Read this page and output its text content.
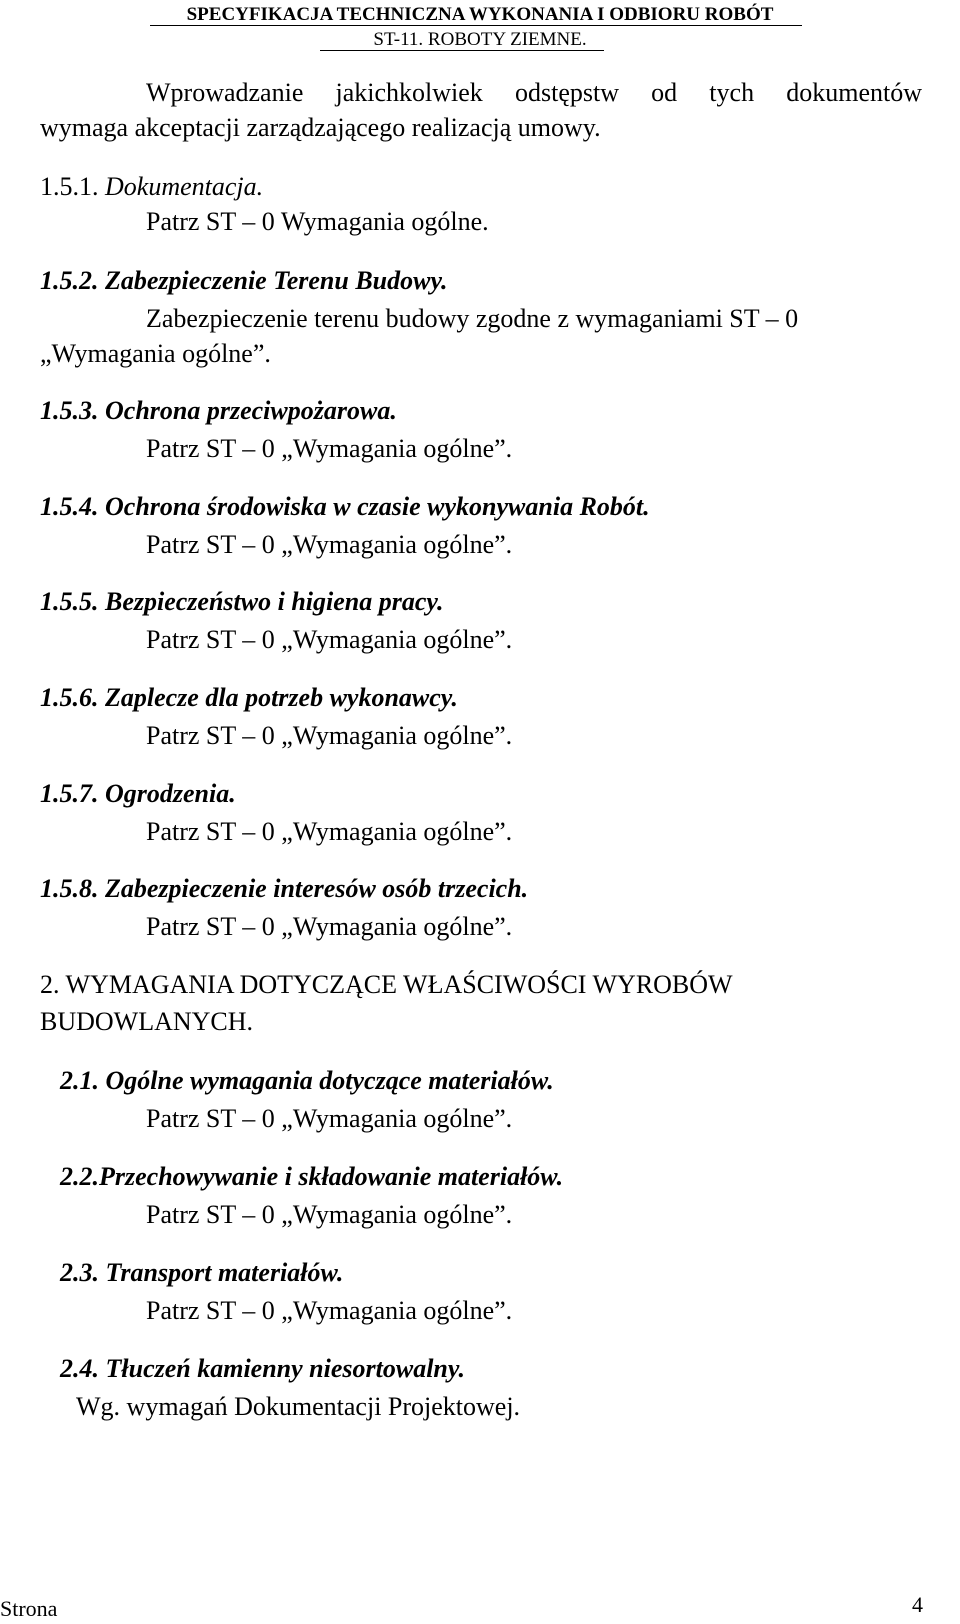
SPECYFIKACJA TECHNICZNA WYKONANIA I ODBIORU ROBÓT
ST-11. ROBOTY ZIEMNE.
Wprowadzanie jakichkolwiek odstępstw od tych dokumentów
wymaga akceptacji zarządzającego realizacją umowy.
1.5.1. Dokumentacja.
Patrz ST – 0 Wymagania ogólne.
1.5.2. Zabezpieczenie Terenu Budowy.
Zabezpieczenie terenu budowy zgodne z wymaganiami ST – 0
„Wymagania ogólne”.
1.5.3. Ochrona przeciwpożarowa.
Patrz ST – 0 „Wymagania ogólne”.
1.5.4. Ochrona środowiska w czasie wykonywania Robót.
Patrz ST – 0 „Wymagania ogólne”.
1.5.5. Bezpieczeństwo i higiena pracy.
Patrz ST – 0 „Wymagania ogólne”.
1.5.6. Zaplecze dla potrzeb wykonawcy.
Patrz ST – 0 „Wymagania ogólne”.
1.5.7. Ogrodzenia.
Patrz ST – 0 „Wymagania ogólne”.
1.5.8. Zabezpieczenie interesów osób trzecich.
Patrz ST – 0 „Wymagania ogólne”.
2. WYMAGANIA DOTYCZĄCE WŁAŚCIWOŚCI WYROBÓW
BUDOWLANYCH.
2.1. Ogólne wymagania dotyczące materiałów.
Patrz ST – 0 „Wymagania ogólne”.
2.2.Przechowywanie i składowanie materiałów.
Patrz ST – 0 „Wymagania ogólne”.
2.3. Transport materiałów.
Patrz ST – 0 „Wymagania ogólne”.
2.4. Tłuczeń kamienny niesortowalny.
Wg. wymagań Dokumentacji Projektowej.
Strona	4
